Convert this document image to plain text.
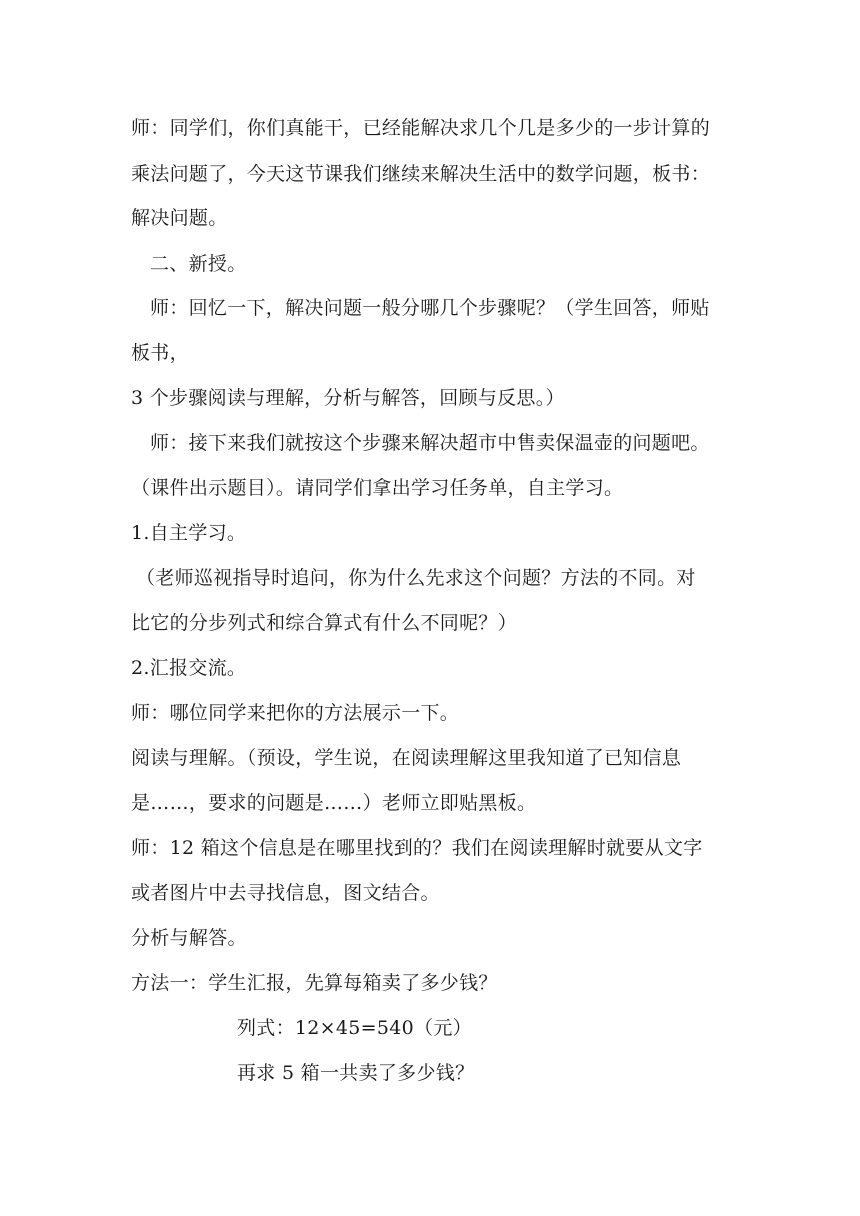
师：同学们，你们真能干，已经能解决求几个几是多少的一步计算的
乘法问题了，今天这节课我们继续来解决生活中的数学问题，板书：
解决问题。
二、新授。
师：回忆一下，解决问题一般分哪几个步骤呢？（学生回答，师贴
板书，
3 个步骤阅读与理解，分析与解答，回顾与反思。）
师：接下来我们就按这个步骤来解决超市中售卖保温壶的问题吧。
（课件出示题目）。请同学们拿出学习任务单，自主学习。
1.自主学习。
（老师巡视指导时追问，你为什么先求这个问题？方法的不同。对
比它的分步列式和综合算式有什么不同呢？）
2.汇报交流。
师：哪位同学来把你的方法展示一下。
阅读与理解。（预设，学生说，在阅读理解这里我知道了已知信息
是……，要求的问题是……）老师立即贴黑板。
师：12 箱这个信息是在哪里找到的？我们在阅读理解时就要从文字
或者图片中去寻找信息，图文结合。
分析与解答。
方法一：学生汇报，先算每箱卖了多少钱？
列式：12×45=540（元）
再求 5 箱一共卖了多少钱？
